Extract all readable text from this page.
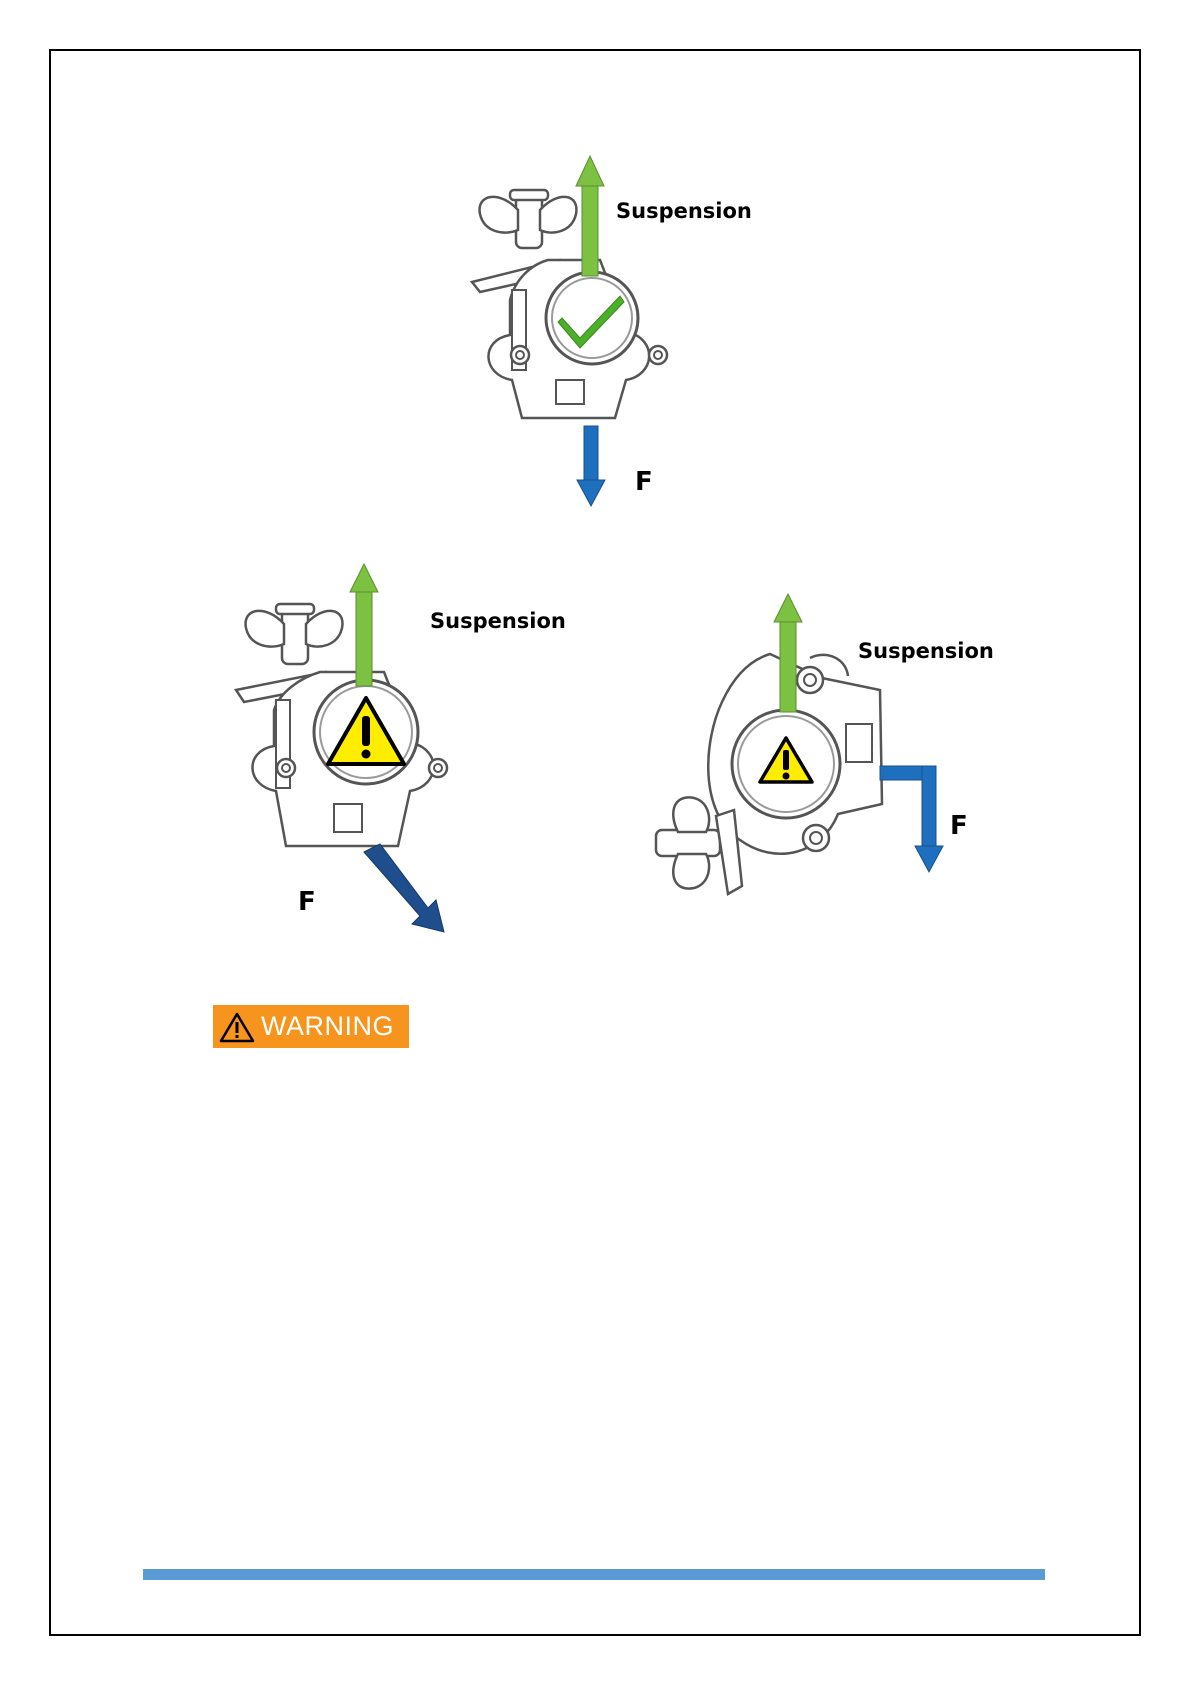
Suspension
F
Suspension
F
Suspension
F
WARNING
